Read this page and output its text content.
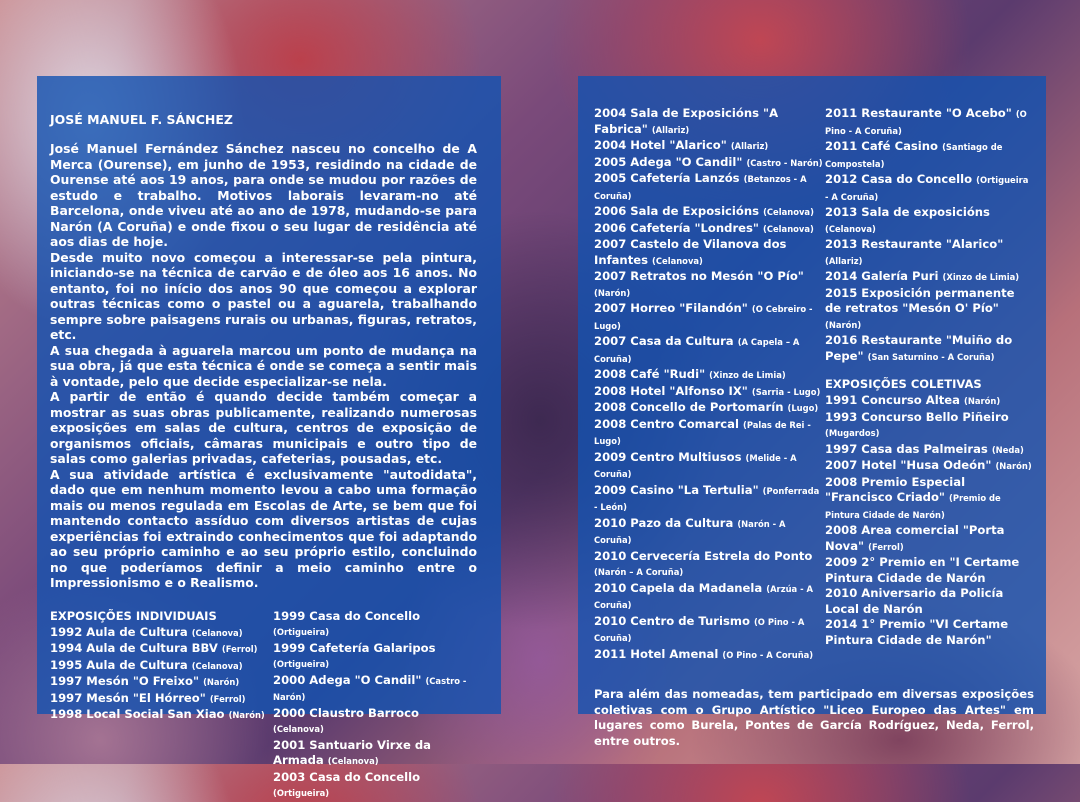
JOSÉ MANUEL F. SÁNCHEZ

José Manuel Fernández Sánchez nasceu no concelho de A Merca (Ourense), em junho de 1953, residindo na cidade de Ourense até aos 19 anos, para onde se mudou por razões de estudo e trabalho. Motivos laborais levaram-no até Barcelona, onde viveu até ao ano de 1978, mudando-se para Narón (A Coruña) e onde fixou o seu lugar de residência até aos dias de hoje.

Desde muito novo começou a interessar-se pela pintura, iniciando-se na técnica de carvão e de óleo aos 16 anos. No entanto, foi no início dos anos 90 que começou a explorar outras técnicas como o pastel ou a aguarela, trabalhando sempre sobre paisagens rurais ou urbanas, figuras, retratos, etc.

A sua chegada à aguarela marcou um ponto de mudança na sua obra, já que esta técnica é onde se começa a sentir mais à vontade, pelo que decide especializar-se nela.

A partir de então é quando decide também começar a mostrar as suas obras publicamente, realizando numerosas exposições em salas de cultura, centros de exposição de organismos oficiais, câmaras municipais e outro tipo de salas como galerias privadas, cafeterias, pousadas, etc.

A sua atividade artística é exclusivamente "autodidata", dado que em nenhum momento levou a cabo uma formação mais ou menos regulada em Escolas de Arte, se bem que foi mantendo contacto assíduo com diversos artistas de cujas experiências foi extraindo conhecimentos que foi adaptando ao seu próprio caminho e ao seu próprio estilo, concluindo no que poderíamos definir a meio caminho entre o Impressionismo e o Realismo.

EXPOSIÇÕES INDIVIDUAIS
1992 Aula de Cultura (Celanova)
1994 Aula de Cultura BBV (Ferrol)
1995 Aula de Cultura (Celanova)
1997 Mesón "O Freixo" (Narón)
1997 Mesón "El Hórreo" (Ferrol)
1998 Local Social San Xiao (Narón)
1999 Casa do Concello (Ortigueira)
1999 Cafetería Galaripos (Ortigueira)
2000 Adega "O Candil" (Castro - Narón)
2000 Claustro Barroco (Celanova)
2001 Santuario Virxe da Armada (Celanova)
2003 Casa do Concello (Ortigueira)
2004 Sala de Exposicións "A Fabrica" (Allariz)
2004 Hotel "Alarico" (Allariz)
2005 Adega "O Candil" (Castro - Narón)
2005 Cafetería Lanzós (Betanzos - A Coruña)
2006 Sala de Exposicións (Celanova)
2006 Cafetería "Londres" (Celanova)
2007 Castelo de Vilanova dos Infantes (Celanova)
2007 Retratos no Mesón "O Pío" (Narón)
2007 Horreo "Filandón" (O Cebreiro - Lugo)
2007 Casa da Cultura (A Capela – A Coruña)
2008 Café "Rudi" (Xinzo de Limia)
2008 Hotel "Alfonso IX" (Sarria - Lugo)
2008 Concello de Portomarín (Lugo)
2008 Centro Comarcal (Palas de Rei - Lugo)
2009 Centro Multiusos (Melide - A Coruña)
2009 Casino "La Tertulia" (Ponferrada - León)
2010 Pazo da Cultura (Narón - A Coruña)
2010 Cervecería Estrela do Ponto (Narón – A Coruña)
2010 Capela da Madanela (Arzúa - A Coruña)
2010 Centro de Turismo (O Pino - A Coruña)
2011 Hotel Amenal (O Pino - A Coruña)
2011 Restaurante "O Acebo" (O Pino - A Coruña)
2011 Café Casino (Santiago de Compostela)
2012 Casa do Concello (Ortigueira - A Coruña)
2013 Sala de exposicións (Celanova)
2013 Restaurante "Alarico" (Allariz)
2014 Galería Puri (Xinzo de Limia)
2015 Exposición permanente de retratos "Mesón O' Pío" (Narón)
2016 Restaurante "Muiño do Pepe" (San Saturnino - A Coruña)
EXPOSIÇÕES COLETIVAS
1991 Concurso Altea (Narón)
1993 Concurso Bello Piñeiro (Mugardos)
1997 Casa das Palmeiras (Neda)
2007 Hotel "Husa Odeón" (Narón)
2008 Premio Especial "Francisco Criado" (Premio de Pintura Cidade de Narón)
2008 Area comercial "Porta Nova" (Ferrol)
2009 2° Premio en "I Certame Pintura Cidade de Narón
2010 Aniversario da Policía Local de Narón
2014 1° Premio "VI Certame Pintura Cidade de Narón"
Para além das nomeadas, tem participado em diversas exposições coletivas com o Grupo Artístico "Liceo Europeo das Artes" em lugares como Burela, Pontes de García Rodríguez, Neda, Ferrol, entre outros.
